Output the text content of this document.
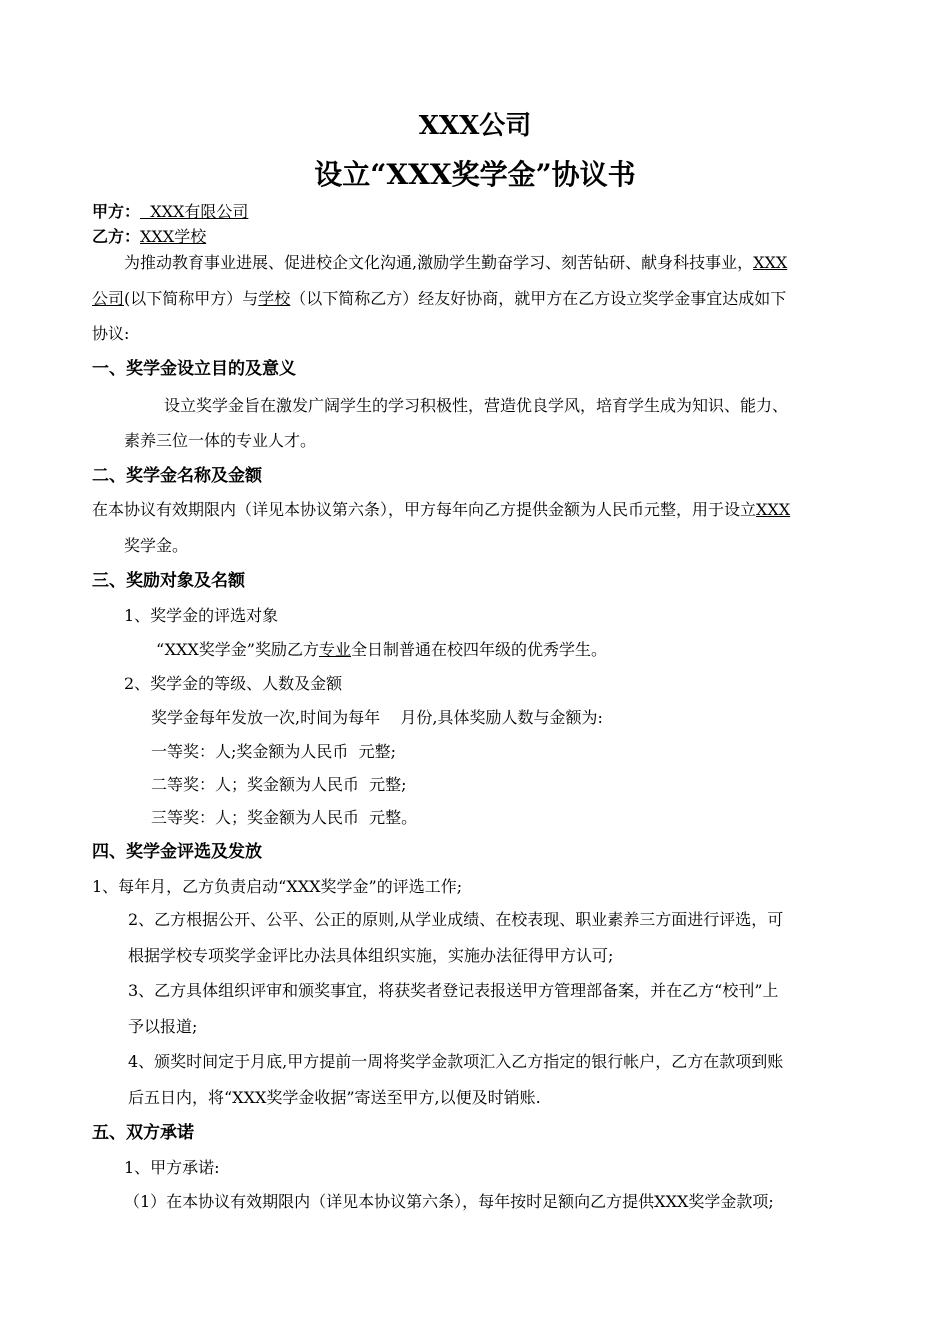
XXX公司
设立“XXX奖学金”协议书
甲方：  XXX有限公司
乙方：XXX学校
为推动教育事业进展、促进校企文化沟通,激励学生勤奋学习、刻苦钻研、献身科技事业，XXX
公司(以下简称甲方）与学校（以下简称乙方）经友好协商，就甲方在乙方设立奖学金事宜达成如下
协议:
一、奖学金设立目的及意义
设立奖学金旨在激发广阔学生的学习积极性，营造优良学风，培育学生成为知识、能力、
素养三位一体的专业人才。
二、奖学金名称及金额
在本协议有效期限内（详见本协议第六条），甲方每年向乙方提供金额为人民币元整，用于设立XXX
奖学金。
三、奖励对象及名额
1、奖学金的评选对象
“XXX奖学金”奖励乙方专业全日制普通在校四年级的优秀学生。
2、奖学金的等级、人数及金额
奖学金每年发放一次,时间为每年    月份,具体奖励人数与金额为:
一等奖：人;奖金额为人民币  元整;
二等奖：人；奖金额为人民币  元整;
三等奖：人；奖金额为人民币  元整。
四、奖学金评选及发放
1、每年月，乙方负责启动“XXX奖学金”的评选工作;
2、乙方根据公开、公平、公正的原则,从学业成绩、在校表现、职业素养三方面进行评选，可
根据学校专项奖学金评比办法具体组织实施，实施办法征得甲方认可;
3、乙方具体组织评审和颁奖事宜，将获奖者登记表报送甲方管理部备案，并在乙方“校刊”上
予以报道;
4、颁奖时间定于月底,甲方提前一周将奖学金款项汇入乙方指定的银行帐户，乙方在款项到账
后五日内，将“XXX奖学金收据”寄送至甲方,以便及时销账.
五、双方承诺
1、甲方承诺:
（1）在本协议有效期限内（详见本协议第六条），每年按时足额向乙方提供XXX奖学金款项;
